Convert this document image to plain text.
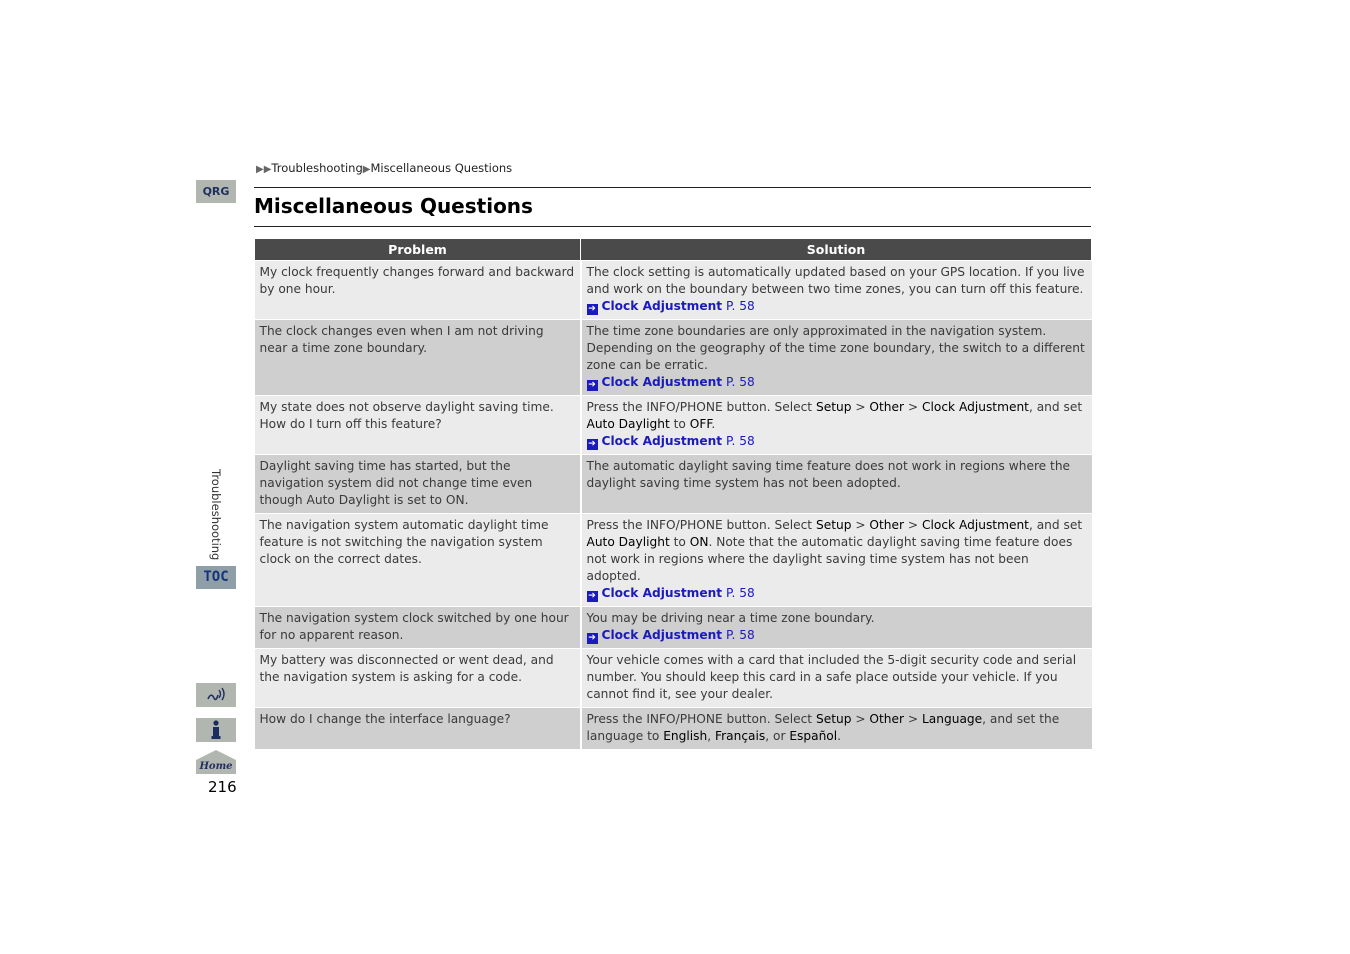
▶▶Troubleshooting▶Miscellaneous Questions
Miscellaneous Questions
Problem	Solution
My clock frequently changes forward and backward by one hour.	The clock setting is automatically updated based on your GPS location. If you live and work on the boundary between two time zones, you can turn off this feature.
➔ Clock Adjustment P. 58
The clock changes even when I am not driving near a time zone boundary.	The time zone boundaries are only approximated in the navigation system. Depending on the geography of the time zone boundary, the switch to a different zone can be erratic.
➔ Clock Adjustment P. 58
My state does not observe daylight saving time. How do I turn off this feature?	Press the INFO/PHONE button. Select Setup > Other > Clock Adjustment, and set Auto Daylight to OFF.
➔ Clock Adjustment P. 58
Daylight saving time has started, but the navigation system did not change time even though Auto Daylight is set to ON.	The automatic daylight saving time feature does not work in regions where the daylight saving time system has not been adopted.
The navigation system automatic daylight time feature is not switching the navigation system clock on the correct dates.	Press the INFO/PHONE button. Select Setup > Other > Clock Adjustment, and set Auto Daylight to ON. Note that the automatic daylight saving time feature does not work in regions where the daylight saving time system has not been adopted.
➔ Clock Adjustment P. 58
The navigation system clock switched by one hour for no apparent reason.	You may be driving near a time zone boundary.
➔ Clock Adjustment P. 58
My battery was disconnected or went dead, and the navigation system is asking for a code.	Your vehicle comes with a card that included the 5-digit security code and serial number. You should keep this card in a safe place outside your vehicle. If you cannot find it, see your dealer.
How do I change the interface language?	Press the INFO/PHONE button. Select Setup > Other > Language, and set the language to English, Français, or Español.
QRG
Troubleshooting
TOC
Home
216
